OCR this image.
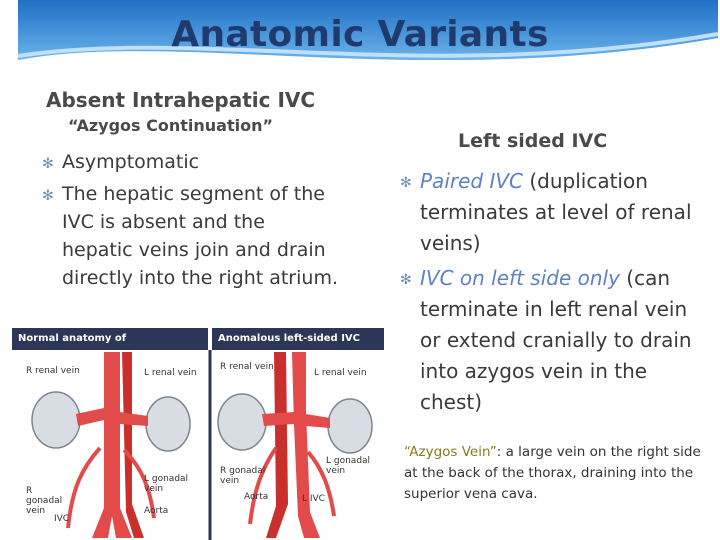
Anatomic Variants
Absent Intrahepatic IVC
“Azygos Continuation”
✻ Asymptomatic
✻ The hepatic segment of the IVC is absent and the hepatic veins join and drain directly into the right atrium.
Left sided IVC
✻ Paired IVC (duplication terminates at level of renal veins)
✻ IVC on left side only (can terminate in left renal vein or extend cranially to drain into azygos vein in the chest)
“Azygos Vein”: a large vein on the right side at the back of the thorax, draining into the superior vena cava.
Normal anatomy of	Anomalous left-sided IVC
R renal vein	L renal vein
R gonadal vein
L gonadal vein
Aorta
IVC
R renal vein
L renal vein
R gonadal vein
L gonadal vein
Aorta	L IVC
